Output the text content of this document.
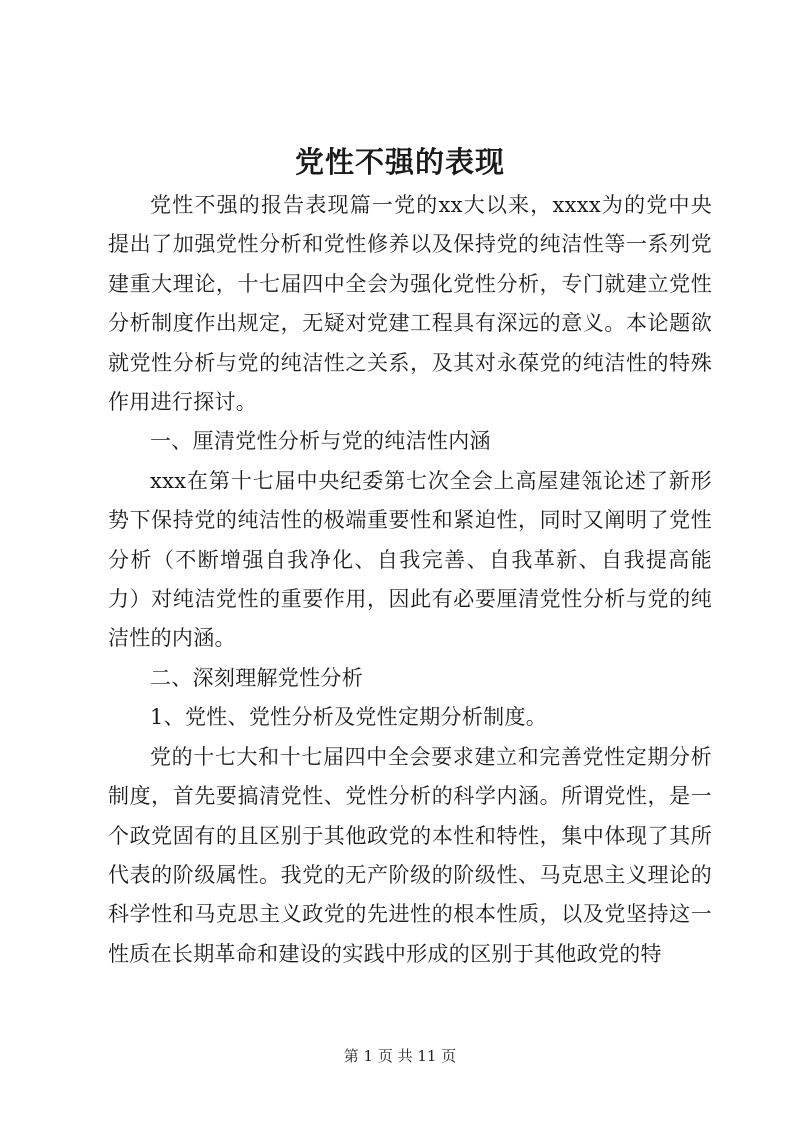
党性不强的表现

党性不强的报告表现篇一党的xx大以来，xxxx为的党中央提出了加强党性分析和党性修养以及保持党的纯洁性等一系列党建重大理论，十七届四中全会为强化党性分析，专门就建立党性分析制度作出规定，无疑对党建工程具有深远的意义。本论题欲就党性分析与党的纯洁性之关系，及其对永葆党的纯洁性的特殊作用进行探讨。

一、厘清党性分析与党的纯洁性内涵

xxx在第十七届中央纪委第七次全会上高屋建瓴论述了新形势下保持党的纯洁性的极端重要性和紧迫性，同时又阐明了党性分析（不断增强自我净化、自我完善、自我革新、自我提高能力）对纯洁党性的重要作用，因此有必要厘清党性分析与党的纯洁性的内涵。

二、深刻理解党性分析

1、党性、党性分析及党性定期分析制度。

党的十七大和十七届四中全会要求建立和完善党性定期分析制度，首先要搞清党性、党性分析的科学内涵。所谓党性，是一个政党固有的且区别于其他政党的本性和特性，集中体现了其所代表的阶级属性。我党的无产阶级的阶级性、马克思主义理论的科学性和马克思主义政党的先进性的根本性质，以及党坚持这一性质在长期革命和建设的实践中形成的区别于其他政党的特

第 1 页 共 11 页
